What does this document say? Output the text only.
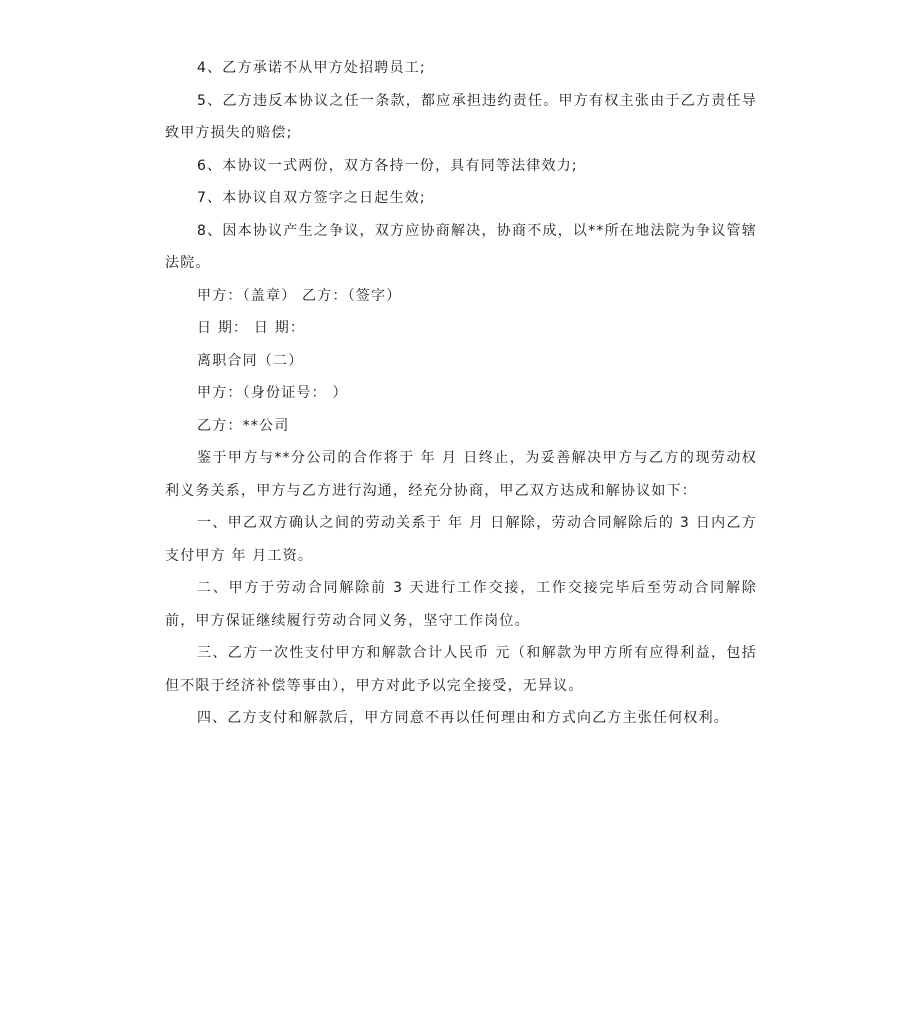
4、乙方承诺不从甲方处招聘员工;

5、乙方违反本协议之任一条款，都应承担违约责任。甲方有权主张由于乙方责任导致甲方损失的赔偿;

6、本协议一式两份，双方各持一份，具有同等法律效力;

7、本协议自双方签字之日起生效;

8、因本协议产生之争议，双方应协商解决，协商不成，以**所在地法院为争议管辖法院。

甲方：（盖章） 乙方：（签字）

日 期： 日 期：

离职合同（二）

甲方：（身份证号： ）

乙方：**公司

鉴于甲方与**分公司的合作将于 年 月 日终止，为妥善解决甲方与乙方的现劳动权利义务关系，甲方与乙方进行沟通，经充分协商，甲乙双方达成和解协议如下：

一、甲乙双方确认之间的劳动关系于 年 月 日解除，劳动合同解除后的 3 日内乙方支付甲方 年 月工资。

二、甲方于劳动合同解除前 3 天进行工作交接，工作交接完毕后至劳动合同解除前，甲方保证继续履行劳动合同义务，坚守工作岗位。

三、乙方一次性支付甲方和解款合计人民币 元（和解款为甲方所有应得利益，包括但不限于经济补偿等事由），甲方对此予以完全接受，无异议。

四、乙方支付和解款后，甲方同意不再以任何理由和方式向乙方主张任何权利。
